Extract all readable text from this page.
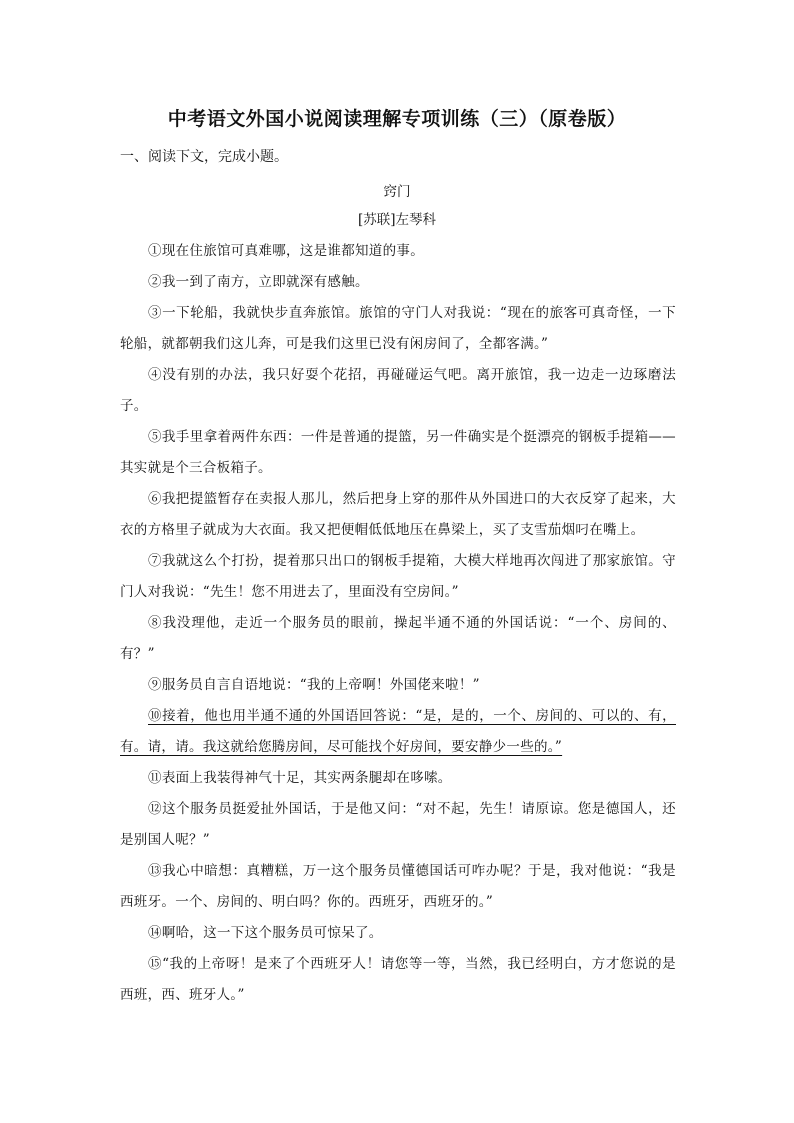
中考语文外国小说阅读理解专项训练（三）（原卷版）
一、阅读下文，完成小题。
窍门
[苏联]左琴科

①现在住旅馆可真难哪，这是谁都知道的事。

②我一到了南方，立即就深有感触。

③一下轮船，我就快步直奔旅馆。旅馆的守门人对我说：“现在的旅客可真奇怪，一下轮船，就都朝我们这儿奔，可是我们这里已没有闲房间了，全都客满。”

④没有别的办法，我只好耍个花招，再碰碰运气吧。离开旅馆，我一边走一边琢磨法子。

⑤我手里拿着两件东西：一件是普通的提篮，另一件确实是个挺漂亮的钢板手提箱——其实就是个三合板箱子。

⑥我把提篮暂存在卖报人那儿，然后把身上穿的那件从外国进口的大衣反穿了起来，大衣的方格里子就成为大衣面。我又把便帽低低地压在鼻梁上，买了支雪茄烟叼在嘴上。

⑦我就这么个打扮，提着那只出口的钢板手提箱，大模大样地再次闯进了那家旅馆。守门人对我说：“先生！您不用进去了，里面没有空房间。”

⑧我没理他，走近一个服务员的眼前，操起半通不通的外国话说：“一个、房间的、有？”

⑨服务员自言自语地说：“我的上帝啊！外国佬来啦！”

⑩接着，他也用半通不通的外国语回答说：“是，是的，一个、房间的、可以的、有，有。请，请。我这就给您腾房间，尽可能找个好房间，要安静少一些的。”

⑪表面上我装得神气十足，其实两条腿却在哆嗦。

⑫这个服务员挺爱扯外国话，于是他又问：“对不起，先生！请原谅。您是德国人，还是别国人呢？”

⑬我心中暗想：真糟糕，万一这个服务员懂德国话可咋办呢？于是，我对他说：“我是西班牙。一个、房间的、明白吗？你的。西班牙，西班牙的。”

⑭啊哈，这一下这个服务员可惊呆了。

⑮“我的上帝呀！是来了个西班牙人！请您等一等，当然，我已经明白，方才您说的是西班，西、班牙人。”
